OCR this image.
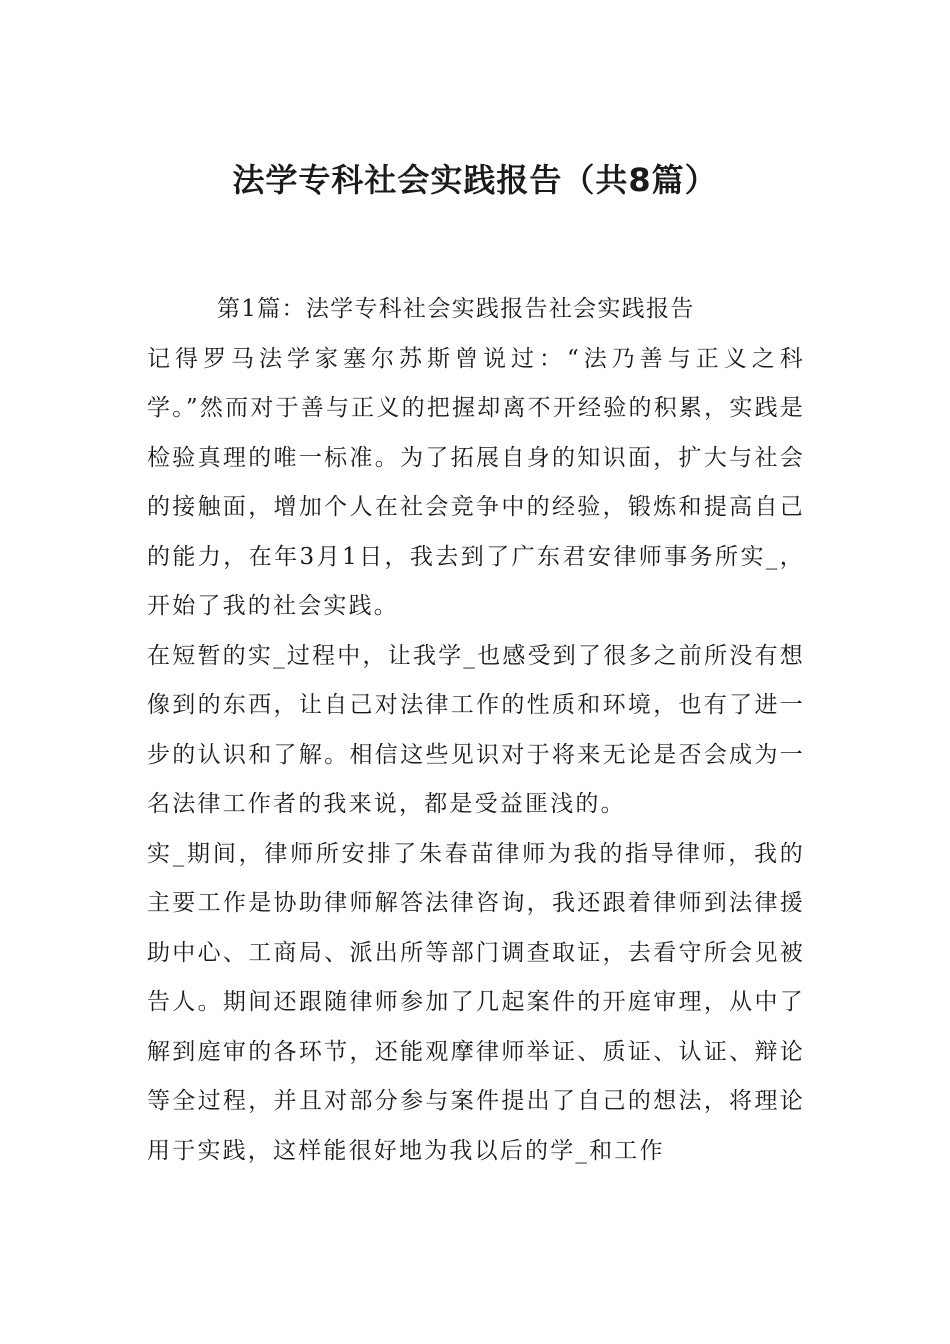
法学专科社会实践报告（共8篇）

第1篇：法学专科社会实践报告社会实践报告

记得罗马法学家塞尔苏斯曾说过：“法乃善与正义之科学。”然而对于善与正义的把握却离不开经验的积累，实践是检验真理的唯一标准。为了拓展自身的知识面，扩大与社会的接触面，增加个人在社会竞争中的经验，锻炼和提高自己的能力，在年3月1日，我去到了广东君安律师事务所实_，开始了我的社会实践。

在短暂的实_过程中，让我学_也感受到了很多之前所没有想像到的东西，让自己对法律工作的性质和环境，也有了进一步的认识和了解。相信这些见识对于将来无论是否会成为一名法律工作者的我来说，都是受益匪浅的。

实_期间，律师所安排了朱春苗律师为我的指导律师，我的主要工作是协助律师解答法律咨询，我还跟着律师到法律援助中心、工商局、派出所等部门调查取证，去看守所会见被告人。期间还跟随律师参加了几起案件的开庭审理，从中了解到庭审的各环节，还能观摩律师举证、质证、认证、辩论等全过程，并且对部分参与案件提出了自己的想法，将理论用于实践，这样能很好地为我以后的学_和工作
